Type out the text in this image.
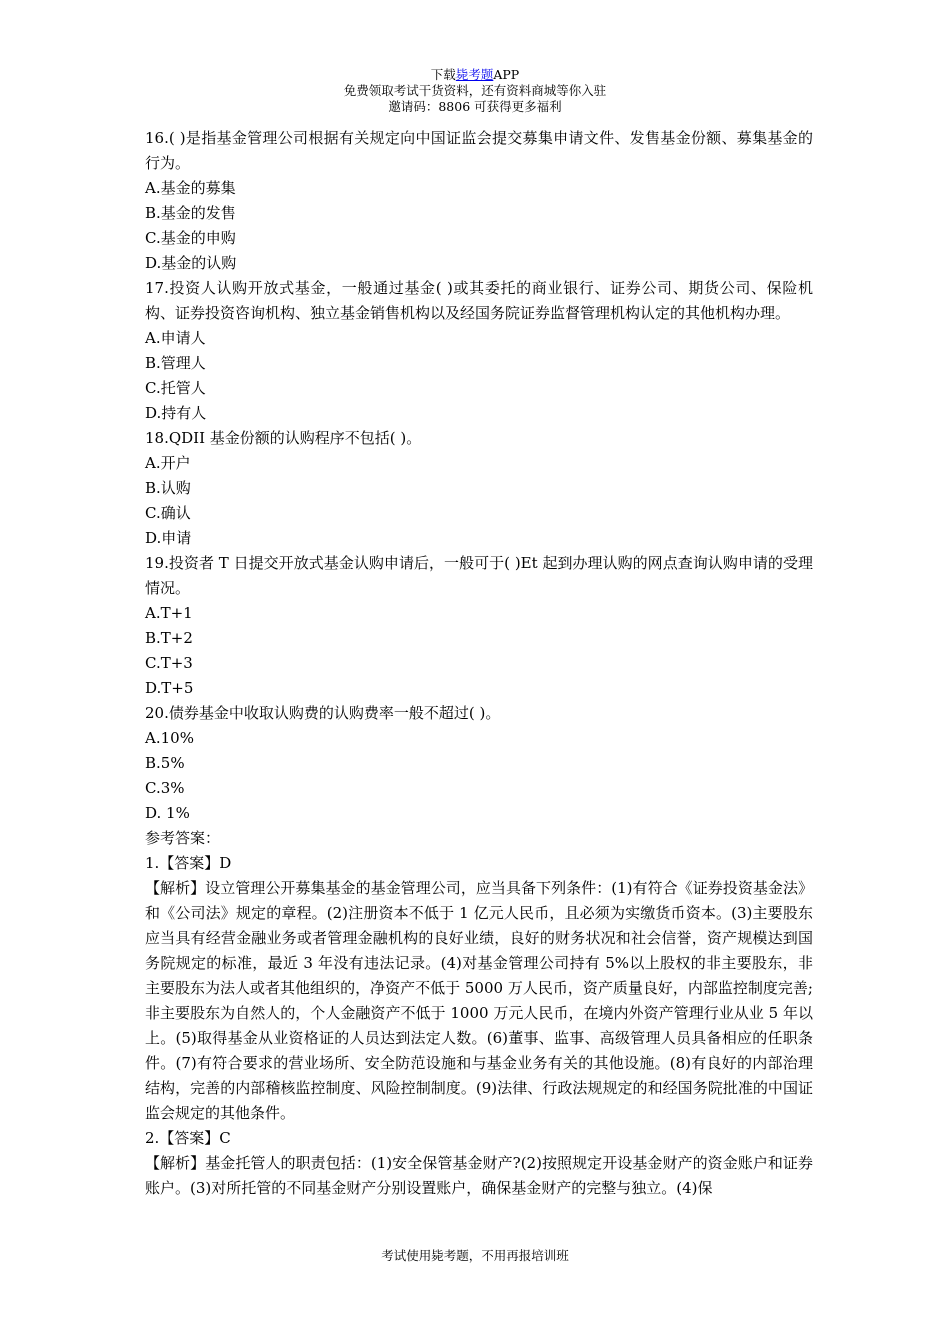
下载毙考题APP
免费领取考试干货资料，还有资料商城等你入驻
邀请码：8806 可获得更多福利

16.( )是指基金管理公司根据有关规定向中国证监会提交募集申请文件、发售基金份额、募集基金的行为。

A.基金的募集

B.基金的发售

C.基金的申购

D.基金的认购

17.投资人认购开放式基金，一般通过基金( )或其委托的商业银行、证券公司、期货公司、保险机构、证券投资咨询机构、独立基金销售机构以及经国务院证券监督管理机构认定的其他机构办理。

A.申请人

B.管理人

C.托管人

D.持有人

18.QDII 基金份额的认购程序不包括( )。

A.开户

B.认购

C.确认

D.申请

19.投资者 T 日提交开放式基金认购申请后，一般可于( )Et 起到办理认购的网点查询认购申请的受理情况。

A.T+1

B.T+2

C.T+3

D.T+5

20.债券基金中收取认购费的认购费率一般不超过( )。

A.10%

B.5%

C.3%

D. 1%

参考答案：

1.【答案】D

【解析】设立管理公开募集基金的基金管理公司，应当具备下列条件：(1)有符合《证券投资基金法》和《公司法》规定的章程。(2)注册资本不低于 1 亿元人民币，且必须为实缴货币资本。(3)主要股东应当具有经营金融业务或者管理金融机构的良好业绩，良好的财务状况和社会信誉，资产规模达到国务院规定的标准，最近 3 年没有违法记录。(4)对基金管理公司持有 5%以上股权的非主要股东，非主要股东为法人或者其他组织的，净资产不低于 5000 万人民币，资产质量良好，内部监控制度完善;非主要股东为自然人的，个人金融资产不低于 1000 万元人民币，在境内外资产管理行业从业 5 年以上。(5)取得基金从业资格证的人员达到法定人数。(6)董事、监事、高级管理人员具备相应的任职条件。(7)有符合要求的营业场所、安全防范设施和与基金业务有关的其他设施。(8)有良好的内部治理结构，完善的内部稽核监控制度、风险控制制度。(9)法律、行政法规规定的和经国务院批准的中国证监会规定的其他条件。

2.【答案】C

【解析】基金托管人的职责包括：(1)安全保管基金财产?(2)按照规定开设基金财产的资金账户和证券账户。(3)对所托管的不同基金财产分别设置账户，确保基金财产的完整与独立。(4)保

考试使用毙考题，不用再报培训班
